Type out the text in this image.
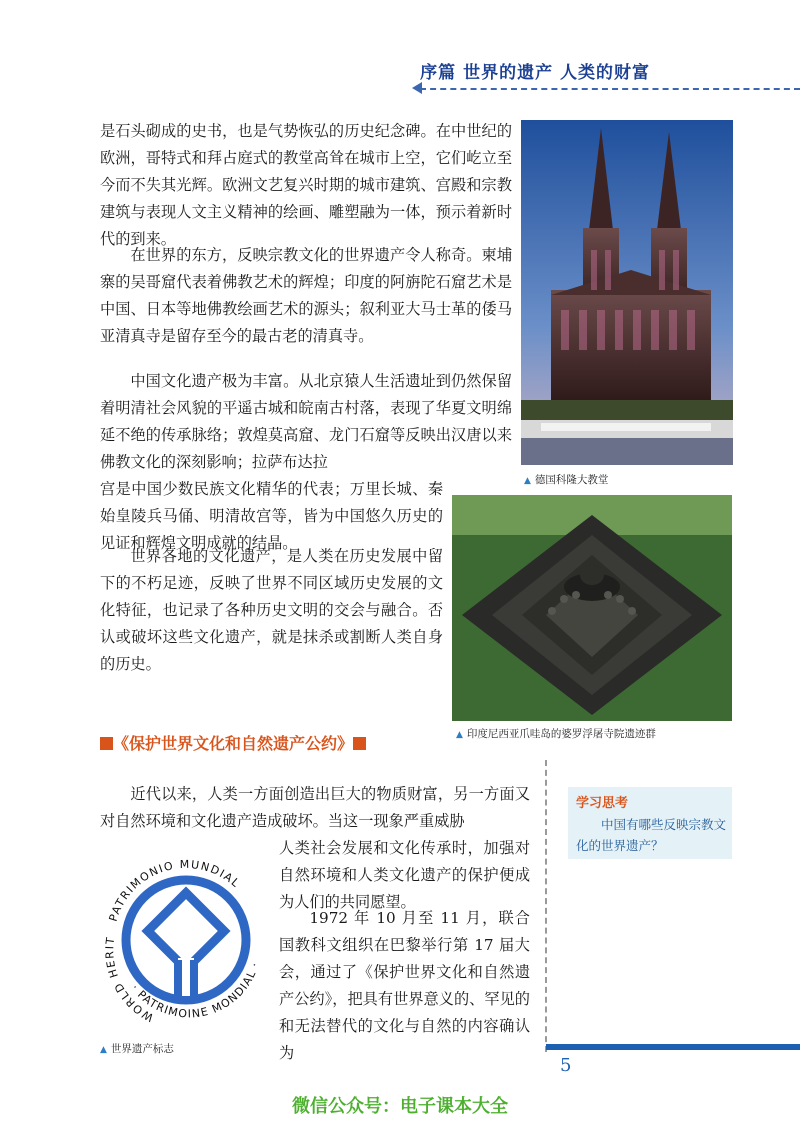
序篇 世界的遗产 人类的财富
是石头砌成的史书，也是气势恢弘的历史纪念碑。在中世纪的欧洲，哥特式和拜占庭式的教堂高耸在城市上空，它们屹立至今而不失其光辉。欧洲文艺复兴时期的城市建筑、宫殿和宗教建筑与表现人文主义精神的绘画、雕塑融为一体，预示着新时代的到来。
在世界的东方，反映宗教文化的世界遗产令人称奇。柬埔寨的吴哥窟代表着佛教艺术的辉煌；印度的阿旃陀石窟艺术是中国、日本等地佛教绘画艺术的源头；叙利亚大马士革的倭马亚清真寺是留存至今的最古老的清真寺。
中国文化遗产极为丰富。从北京猿人生活遗址到仍然保留着明清社会风貌的平遥古城和皖南古村落，表现了华夏文明绵延不绝的传承脉络；敦煌莫高窟、龙门石窟等反映出汉唐以来佛教文化的深刻影响；拉萨布达拉
宫是中国少数民族文化精华的代表；万里长城、秦始皇陵兵马俑、明清故宫等，皆为中国悠久历史的见证和辉煌文明成就的结晶。
世界各地的文化遗产，是人类在历史发展中留下的不朽足迹，反映了世界不同区域历史发展的文化特征，也记录了各种历史文明的交会与融合。否认或破坏这些文化遗产，就是抹杀或割断人类自身的历史。
▲ 德国科隆大教堂
▲ 印度尼西亚爪哇岛的婆罗浮屠寺院遗迹群
《保护世界文化和自然遗产公约》
学习思考
中国有哪些反映宗教文化的世界遗产？
近代以来，人类一方面创造出巨大的物质财富，另一方面又对自然环境和文化遗产造成破坏。当这一现象严重威胁
人类社会发展和文化传承时，加强对自然环境和人类文化遗产的保护便成为人们的共同愿望。
1972 年 10 月至 11 月，联合国教科文组织在巴黎举行第 17 届大会，通过了《保护世界文化和自然遗产公约》，把具有世界意义的、罕见的和无法替代的文化与自然的内容确认为
PATRIMONIO MUNDIAL
WORLD HERIT
· PATRIMOINE MONDIAL ·
▲ 世界遗产标志
5
微信公众号：电子课本大全
